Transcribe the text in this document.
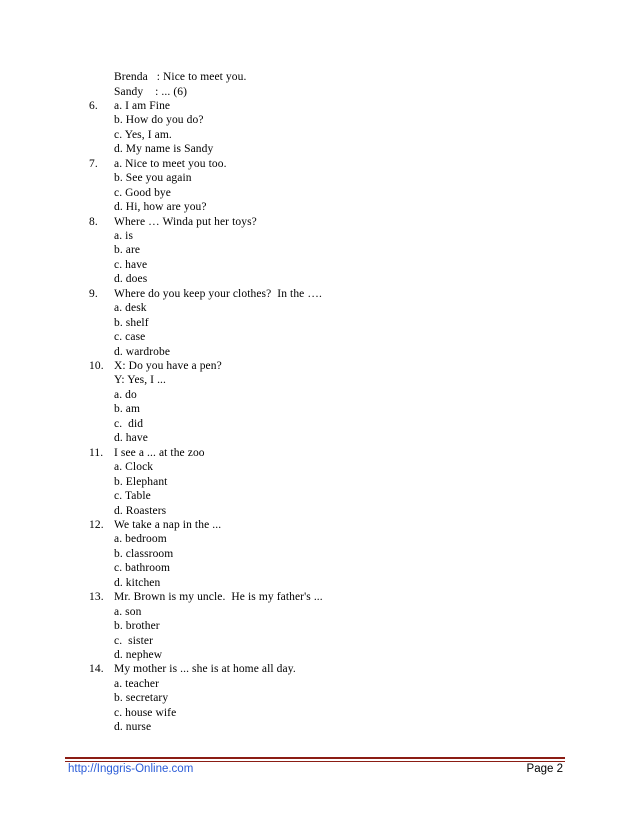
Brenda   : Nice to meet you.
Sandy    : ... (6)
6. a. I am Fine
b. How do you do?
c. Yes, I am.
d. My name is Sandy
7. a. Nice to meet you too.
b. See you again
c. Good bye
d. Hi, how are you?
8. Where … Winda put her toys?
a. is
b. are
c. have
d. does
9. Where do you keep your clothes?  In the ….
a. desk
b. shelf
c. case
d. wardrobe
10. X: Do you have a pen?
Y: Yes, I ...
a. do
b. am
c.  did
d. have
11. I see a ... at the zoo
a. Clock
b. Elephant
c. Table
d. Roasters
12. We take a nap in the ...
a. bedroom
b. classroom
c. bathroom
d. kitchen
13. Mr. Brown is my uncle.  He is my father's ...
a. son
b. brother
c.  sister
d. nephew
14. My mother is ... she is at home all day.
a. teacher
b. secretary
c. house wife
d. nurse
http://Inggris-Online.com	Page 2
